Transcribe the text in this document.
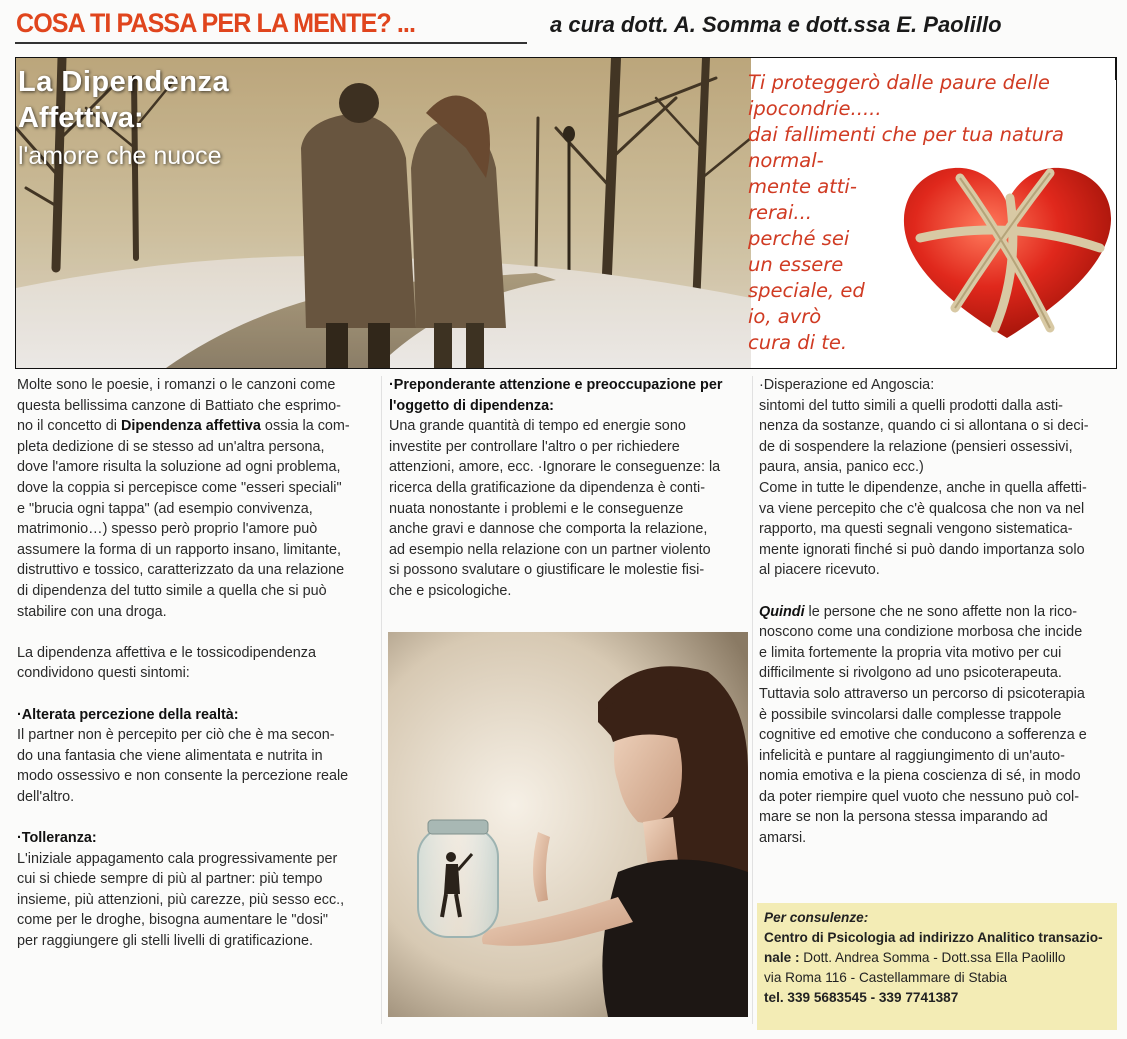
COSA TI PASSA PER LA MENTE? ...	a cura dott. A. Somma e dott.ssa E. Paolillo
La Dipendenza
Affettiva:
l'amore che nuoce
Ti proteggerò dalle paure delle
ipocondrie.....
dai fallimenti che per tua natura
normal-
mente atti-
rerai...
perché sei
un essere
speciale, ed
io, avrò
cura di te.

Molte sono le poesie, i romanzi o le canzoni come

questa bellissima canzone di Battiato che esprimo-

no il concetto di Dipendenza affettiva ossia la com-

pleta dedizione di se stesso ad un'altra persona,

dove l'amore risulta la soluzione ad ogni problema,

dove la coppia si percepisce come "esseri speciali"

e "brucia ogni tappa" (ad esempio convivenza,

matrimonio…) spesso però proprio l'amore può

assumere la forma di un rapporto insano, limitante,

distruttivo e tossico, caratterizzato da una relazione

di dipendenza del tutto simile a quella che si può

stabilire con una droga.

La dipendenza affettiva e le tossicodipendenza

condividono questi sintomi:

·Alterata percezione della realtà:

Il partner non è percepito per ciò che è ma secon-

do una fantasia che viene alimentata e nutrita in

modo ossessivo e non consente la percezione reale

dell'altro.

·Tolleranza:

L'iniziale appagamento cala progressivamente per

cui si chiede sempre di più al partner: più tempo

insieme, più attenzioni, più carezze, più sesso ecc.,

come per le droghe, bisogna aumentare le "dosi"

per raggiungere gli stelli livelli di gratificazione.

·Preponderante attenzione e preoccupazione per

l'oggetto di dipendenza:

Una grande quantità di tempo ed energie sono

investite per controllare l'altro o per richiedere

attenzioni, amore, ecc. ·Ignorare le conseguenze: la

ricerca della gratificazione da dipendenza è conti-

nuata nonostante i problemi e le conseguenze

anche gravi e dannose che comporta la relazione,

ad esempio nella relazione con un partner violento

si possono svalutare o giustificare le molestie fisi-

che e psicologiche.

·Disperazione ed Angoscia:

sintomi del tutto simili a quelli prodotti dalla asti-

nenza da sostanze, quando ci si allontana o si deci-

de di sospendere la relazione (pensieri ossessivi,

paura, ansia, panico ecc.)

Come in tutte le dipendenze, anche in quella affetti-

va viene percepito che c'è qualcosa che non va nel

rapporto, ma questi segnali vengono sistematica-

mente ignorati finché si può dando importanza solo

al piacere ricevuto.

Quindi le persone che ne sono affette non la rico-

noscono come una condizione morbosa che incide

e limita fortemente la propria vita motivo per cui

difficilmente si rivolgono ad uno psicoterapeuta.

Tuttavia solo attraverso un percorso di psicoterapia

è possibile svincolarsi dalle complesse trappole

cognitive ed emotive che conducono a sofferenza e

infelicità e puntare al raggiungimento di un'auto-

nomia emotiva e la piena coscienza di sé, in modo

da poter riempire quel vuoto che nessuno può col-

mare se non la persona stessa imparando ad

amarsi.

Per consulenze:
Centro di Psicologia ad indirizzo Analitico transazio-
nale : Dott. Andrea Somma - Dott.ssa Ella Paolillo
via Roma 116 - Castellammare di Stabia
tel. 339 5683545 - 339 7741387
